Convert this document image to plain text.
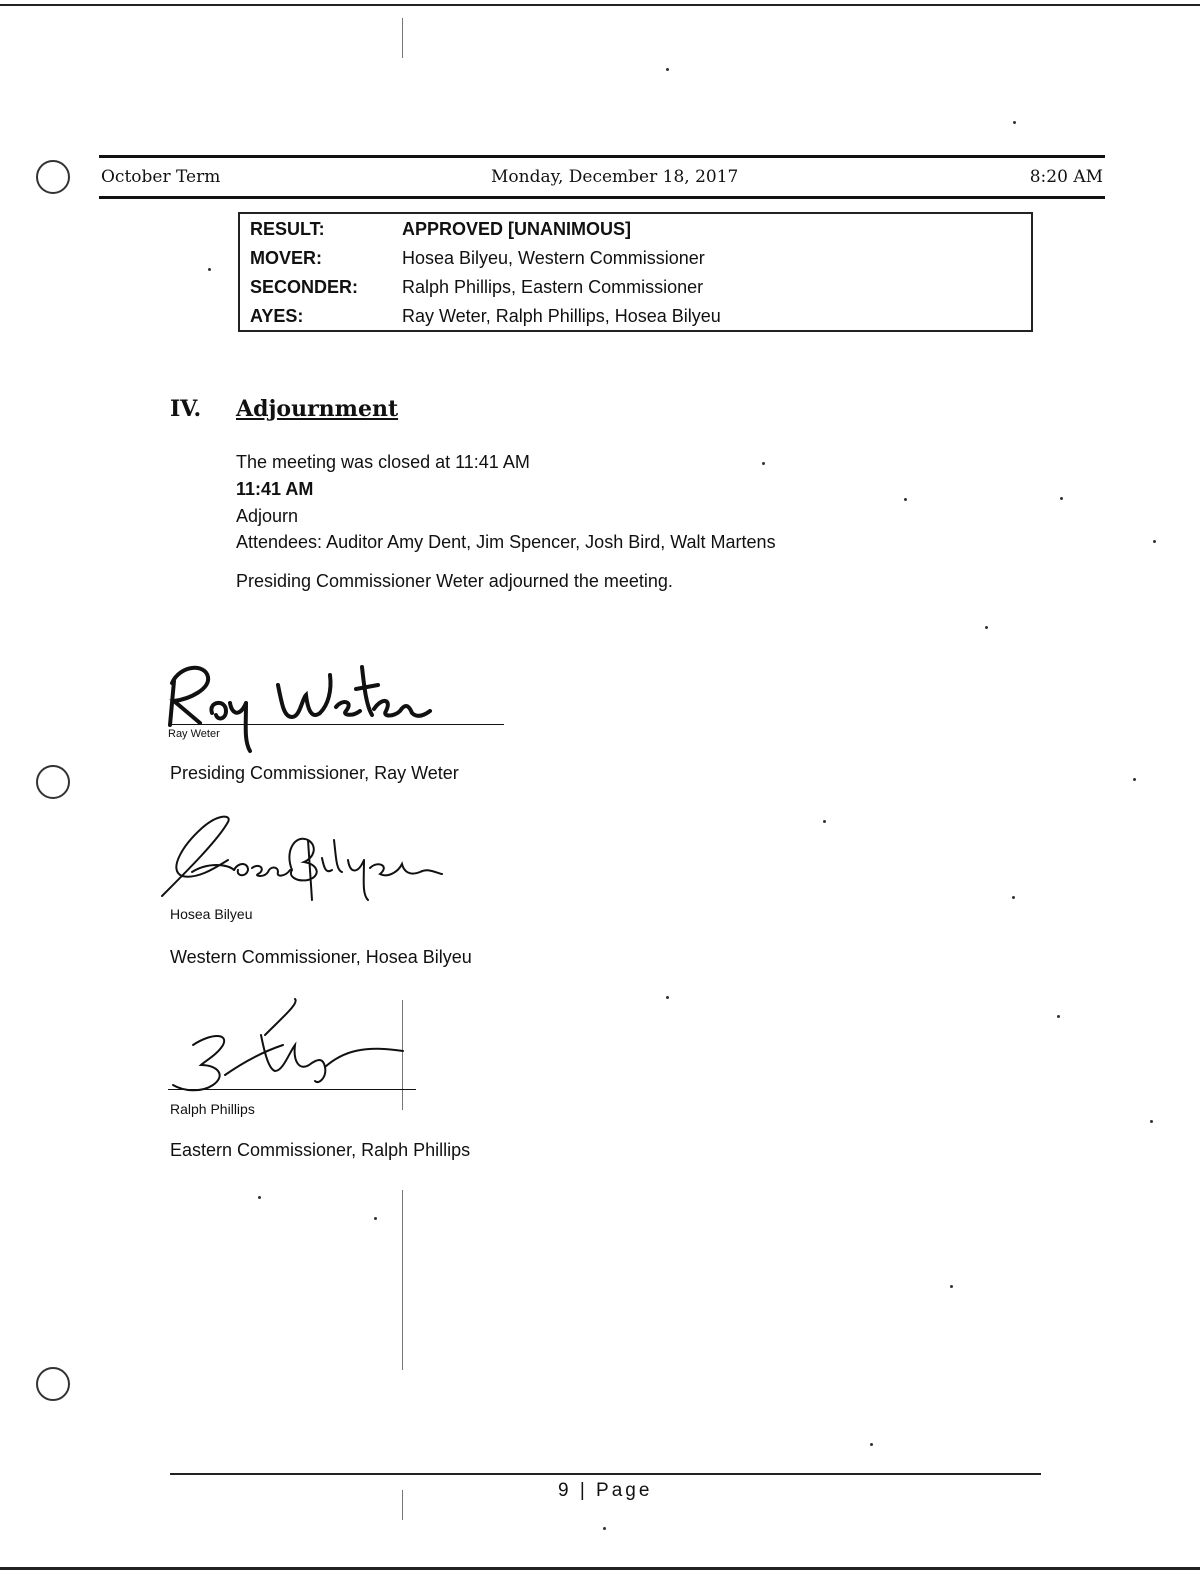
October Term	Monday, December 18, 2017	8:20 AM
RESULT:	APPROVED [UNANIMOUS]
MOVER:	Hosea Bilyeu, Western Commissioner
SECONDER: Ralph Phillips, Eastern Commissioner
AYES:	Ray Weter, Ralph Phillips, Hosea Bilyeu
IV. Adjournment
The meeting was closed at 11:41 AM
11:41 AM
Adjourn
Attendees: Auditor Amy Dent, Jim Spencer, Josh Bird, Walt Martens
Presiding Commissioner Weter adjourned the meeting.
Ray Weter
Presiding Commissioner, Ray Weter
Hosea Bilyeu
Western Commissioner, Hosea Bilyeu
Ralph Phillips
Eastern Commissioner, Ralph Phillips
9 | Page
